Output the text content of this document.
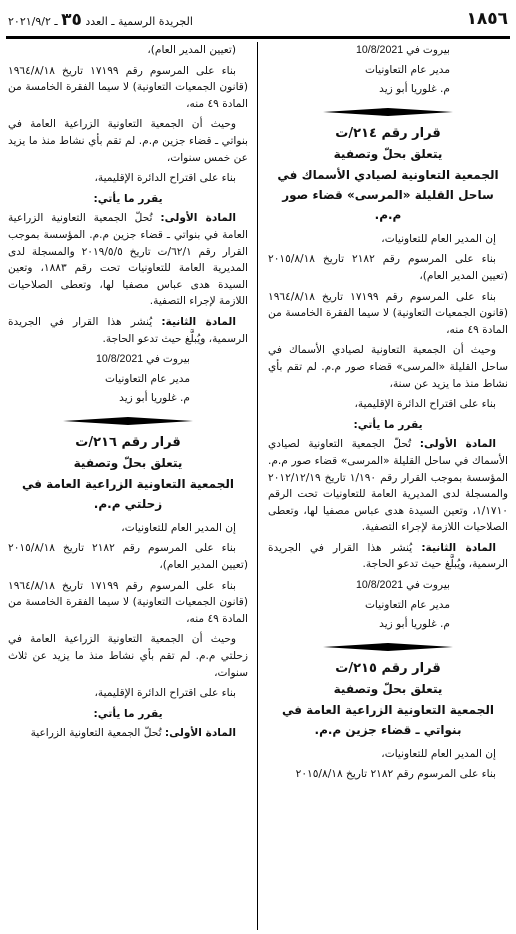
١٨٥٦
الجريدة الرسمية ـ العدد ٣٥ ـ ٢٠٢١/٩/٢

بيروت في 10/8/2021

مدير عام التعاونيات

م. غلوريا أبو زيد

قرار رقم ٢١٤/ت

يتعلق بحلّ وتصفية

الجمعية التعاونية لصيادي الأسماك في ساحل القليلة «المرسى» قضاء صور م.م.

إن المدير العام للتعاونيات،

بناء على المرسوم رقم ٢١٨٢ تاريخ ٢٠١٥/٨/١٨ (تعيين المدير العام)،

بناء على المرسوم رقم ١٧١٩٩ تاريخ ١٩٦٤/٨/١٨ (قانون الجمعيات التعاونية) لا سيما الفقرة الخامسة من المادة ٤٩ منه،

وحيث أن الجمعية التعاونية لصيادي الأسماك في ساحل القليلة «المرسى» قضاء صور م.م. لم تقم بأي نشاط منذ ما يزيد عن سنة،

بناء على اقتراح الدائرة الإقليمية،

يقرر ما يأتي:

المادة الأولى: تُحلّ الجمعية التعاونية لصيادي الأسماك في ساحل القليلة «المرسى» قضاء صور م.م. المؤسسة بموجب القرار رقم ١/١٩٠ تاريخ ٢٠١٢/١٢/١٩ والمسجلة لدى المديرية العامة للتعاونيات تحت الرقم ١/١٧١٠، وتعين السيدة هدى عباس مصفيا لها، وتعطى الصلاحيات اللازمة لإجراء التصفية.

المادة الثانية: يُنشر هذا القرار في الجريدة الرسمية، ويُبلَّغ حيث تدعو الحاجة.

بيروت في 10/8/2021

مدير عام التعاونيات

م. غلوريا أبو زيد

قرار رقم ٢١٥/ت

يتعلق بحلّ وتصفية

الجمعية التعاونية الزراعية العامة في بنواتي ـ قضاء جزين م.م.

إن المدير العام للتعاونيات،

بناء على المرسوم رقم ٢١٨٢ تاريخ ٢٠١٥/٨/١٨

(تعيين المدير العام)،

بناء على المرسوم رقم ١٧١٩٩ تاريخ ١٩٦٤/٨/١٨ (قانون الجمعيات التعاونية) لا سيما الفقرة الخامسة من المادة ٤٩ منه،

وحيث أن الجمعية التعاونية الزراعية العامة في بنواتي ـ قضاء جزين م.م. لم تقم بأي نشاط منذ ما يزيد عن خمس سنوات،

بناء على اقتراح الدائرة الإقليمية،

يقرر ما يأتي:

المادة الأولى: تُحلّ الجمعية التعاونية الزراعية العامة في بنواتي ـ قضاء جزين م.م. المؤسسة بموجب القرار رقم ٦٢/١/ت تاريخ ٢٠١٩/٥/٥ والمسجلة لدى المديرية العامة للتعاونيات تحت رقم ١٨٨٣، وتعين السيدة هدى عباس مصفيا لها، وتعطى الصلاحيات اللازمة لإجراء التصفية.

المادة الثانية: يُنشر هذا القرار في الجريدة الرسمية، ويُبلَّغ حيث تدعو الحاجة.

بيروت في 10/8/2021

مدير عام التعاونيات

م. غلوريا أبو زيد

قرار رقم ٢١٦/ت

يتعلق بحلّ وتصفية

الجمعية التعاونية الزراعية العامة في زحلتي م.م.

إن المدير العام للتعاونيات،

بناء على المرسوم رقم ٢١٨٢ تاريخ ٢٠١٥/٨/١٨ (تعيين المدير العام)،

بناء على المرسوم رقم ١٧١٩٩ تاريخ ١٩٦٤/٨/١٨ (قانون الجمعيات التعاونية) لا سيما الفقرة الخامسة من المادة ٤٩ منه،

وحيث أن الجمعية التعاونية الزراعية العامة في زحلتي م.م. لم تقم بأي نشاط منذ ما يزيد عن ثلاث سنوات،

بناء على اقتراح الدائرة الإقليمية،

يقرر ما يأتي:

المادة الأولى: تُحلّ الجمعية التعاونية الزراعية
